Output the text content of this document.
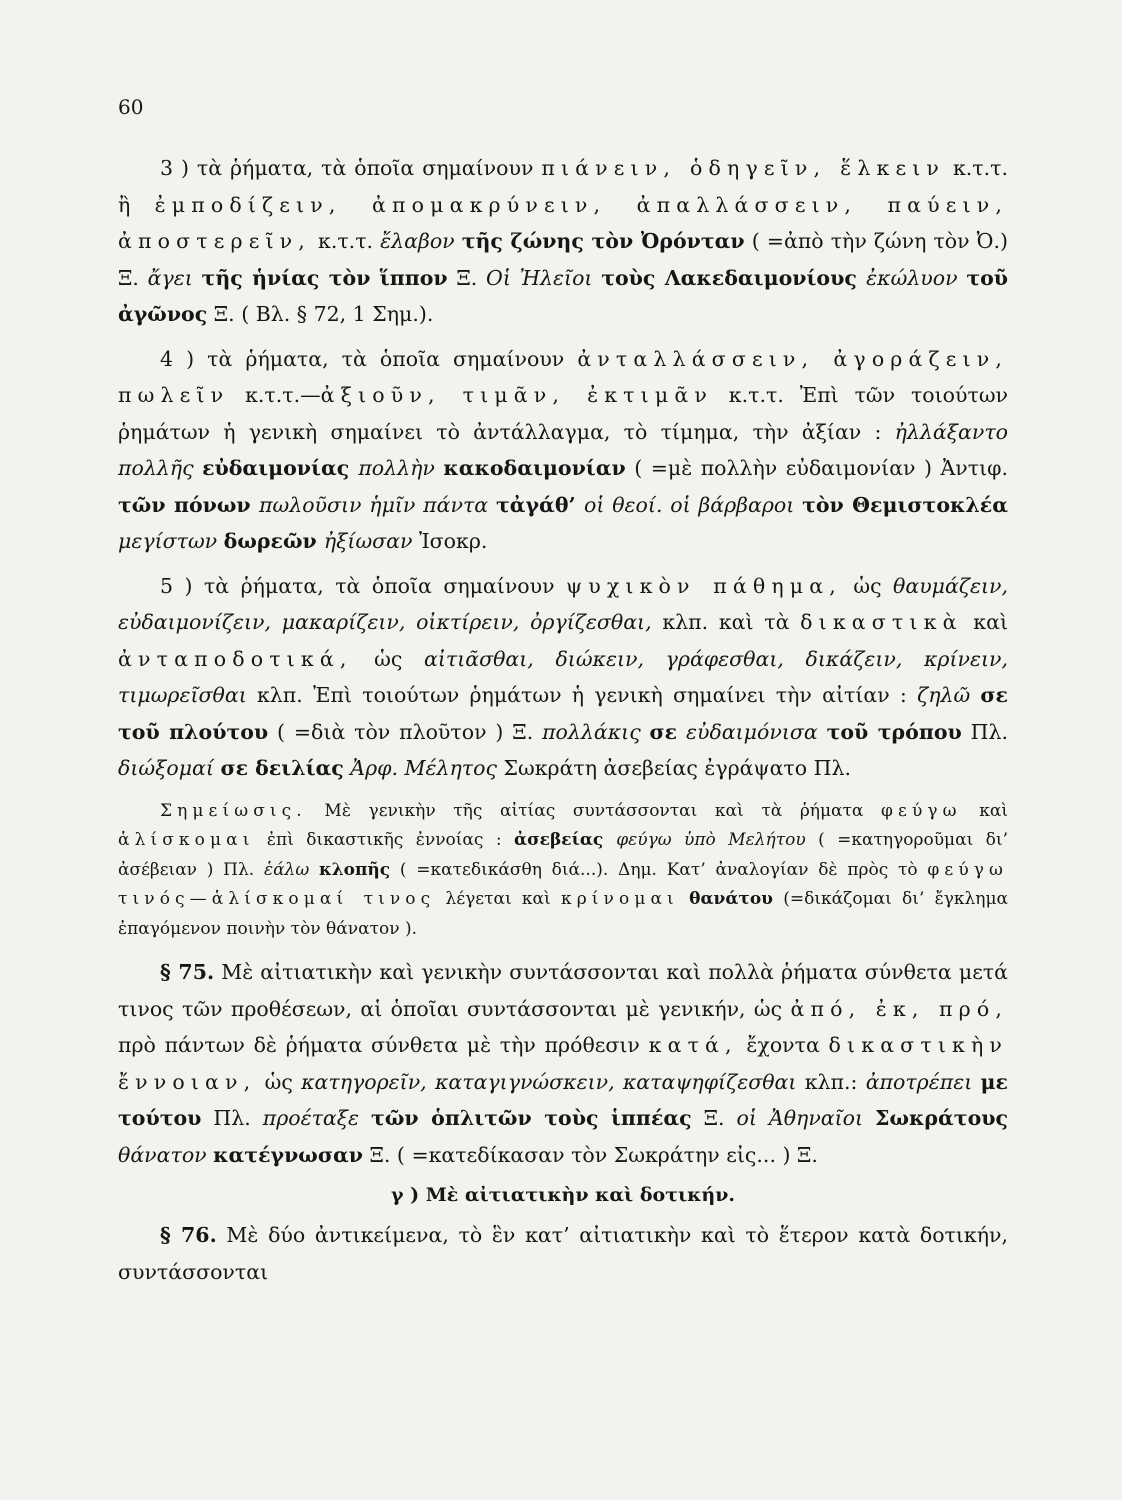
60

3 ) τὰ ῥήματα, τὰ ὁποῖα σημαίνουν πιάνειν, ὁδηγεῖν, ἕλκειν κ.τ.τ. ἢ ἐμποδίζειν, ἀπομακρύνειν, ἀπαλλάσσειν, παύειν, ἀποστερεῖν, κ.τ.τ. ἔλαβον τῆς ζώνης τὸν Ὀρόνταν ( =ἀπὸ τὴν ζώνη τὸν Ὀ.) Ξ. ἄγει τῆς ἡνίας τὸν ἵππον Ξ. Οἱ Ἠλεῖοι τοὺς Λακεδαιμονίους ἐκώλυον τοῦ ἀγῶνος Ξ. ( Βλ. § 72, 1 Σημ.).

4 ) τὰ ῥήματα, τὰ ὁποῖα σημαίνουν ἀνταλλάσσειν, ἀγοράζειν, πωλεῖν κ.τ.τ.—ἀξιοῦν, τιμᾶν, ἐκτιμᾶν κ.τ.τ. Ἐπὶ τῶν τοιούτων ῥημάτων ἡ γενικὴ σημαίνει τὸ ἀντάλλαγμα, τὸ τίμημα, τὴν ἀξίαν : ἠλλάξαντο πολλῆς εὐδαιμονίας πολλὴν κακοδαιμονίαν ( =μὲ πολλὴν εὐδαιμονίαν ) Ἀντιφ. τῶν πόνων πωλοῦσιν ἡμῖν πάντα τἀγάθ’ οἱ θεοί. οἱ βάρβαροι τὸν Θεμιστοκλέα μεγίστων δωρεῶν ἠξίωσαν Ἰσοκρ.

5 ) τὰ ῥήματα, τὰ ὁποῖα σημαίνουν ψυχικὸν πάθημα, ὡς θαυμάζειν, εὐδαιμονίζειν, μακαρίζειν, οἰκτίρειν, ὀργίζεσθαι, κλπ. καὶ τὰ δικαστικὰ καὶ ἀνταποδοτικά, ὡς αἰτιᾶσθαι, διώκειν, γράφεσθαι, δικάζειν, κρίνειν, τιμωρεῖσθαι κλπ. Ἐπὶ τοιούτων ῥημάτων ἡ γενικὴ σημαίνει τὴν αἰτίαν : ζηλῶ σε τοῦ πλούτου ( =διὰ τὸν πλοῦτον ) Ξ. πολλάκις σε εὐδαιμόνισα τοῦ τρόπου Πλ. διώξομαί σε δειλίας Ἀρφ. Μέλητος Σωκράτη ἀσεβείας ἐγράψατο Πλ.

Σημείωσις. Μὲ γενικὴν τῆς αἰτίας συντάσσονται καὶ τὰ ῥήματα φεύγω καὶ ἁλίσκομαι ἐπὶ δικαστικῆς ἐννοίας : ἀσεβείας φεύγω ὑπὸ Μελήτου ( =κατηγοροῦμαι δι’ ἀσέβειαν ) Πλ. ἑάλω κλοπῆς ( =κατεδικάσθη διά...). Δημ. Κατ’ ἀναλογίαν δὲ πρὸς τὸ φεύγω τινός—ἁλίσκομαί τινος λέγεται καὶ κρίνομαι θανάτου (=δικάζομαι δι’ ἔγκλημα ἐπαγόμενον ποινὴν τὸν θάνατον ).

§ 75. Μὲ αἰτιατικὴν καὶ γενικὴν συντάσσονται καὶ πολλὰ ῥήματα σύνθετα μετά τινος τῶν προθέσεων, αἱ ὁποῖαι συντάσσονται μὲ γενικήν, ὡς ἀπό, ἐκ, πρό, πρὸ πάντων δὲ ῥήματα σύνθετα μὲ τὴν πρόθεσιν κατά, ἔχοντα δικαστικὴν ἔννοιαν, ὡς κατηγορεῖν, καταγιγνώσκειν, καταψηφίζεσθαι κλπ.: ἀποτρέπει με τούτου Πλ. προέταξε τῶν ὁπλιτῶν τοὺς ἱππέας Ξ. οἱ Ἀθηναῖοι Σωκράτους θάνατον κατέγνωσαν Ξ. ( =κατεδίκασαν τὸν Σωκράτην εἰς... ) Ξ.

γ ) Μὲ αἰτιατικὴν καὶ δοτικήν.

§ 76. Μὲ δύο ἀντικείμενα, τὸ ἓν κατ’ αἰτιατικὴν καὶ τὸ ἕτερον κατὰ δοτικήν, συντάσσονται
